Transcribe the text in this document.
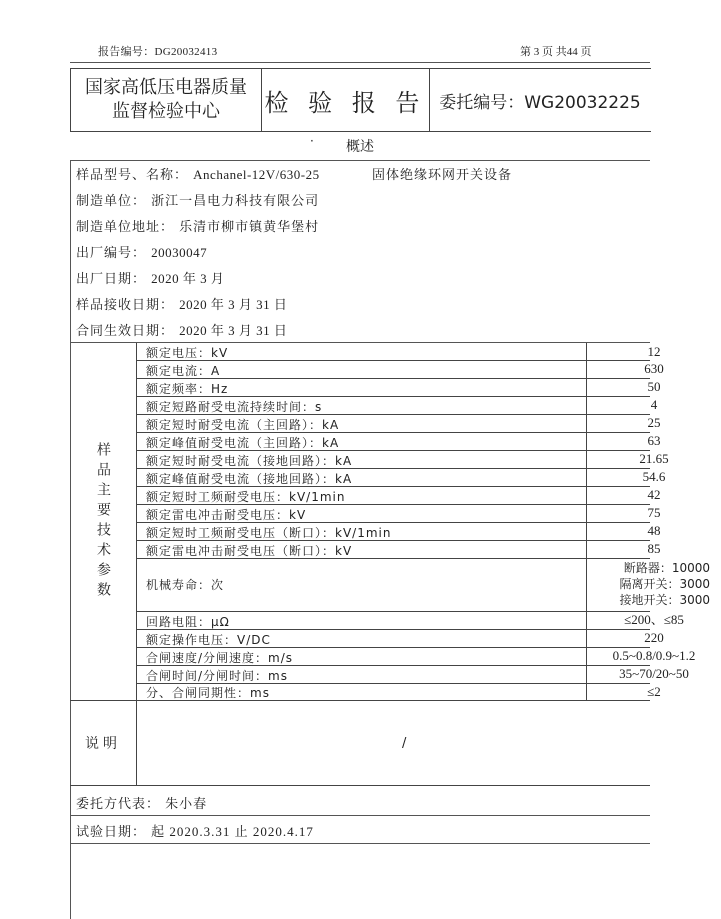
报告编号：DG20032413	第 3 页 共44 页
国家高低压电器质量
监督检验中心	检 验 报 告 委托编号：WG20032225
· 概述
样品型号、名称： Anchanel-12V/630-25	固体绝缘环网开关设备
制造单位： 浙江一昌电力科技有限公司
制造单位地址： 乐清市柳市镇黄华堡村
出厂编号： 20030047
出厂日期： 2020 年 3 月
样品接收日期： 2020 年 3 月 31 日
合同生效日期： 2020 年 3 月 31 日
样品主要技术参数
额定电压：kV	12
额定电流：A	630
额定频率：Hz	50
额定短路耐受电流持续时间：s	4
额定短时耐受电流（主回路）：kA	25
额定峰值耐受电流（主回路）：kA	63
额定短时耐受电流（接地回路）：kA	21.65
额定峰值耐受电流（接地回路）：kA	54.6
额定短时工频耐受电压：kV/1min	42
额定雷电冲击耐受电压：kV	75
额定短时工频耐受电压（断口）：kV/1min	48
额定雷电冲击耐受电压（断口）：kV	85
机械寿命：次
断路器：10000
隔离开关：3000
接地开关：3000
回路电阻：μΩ	≤200、≤85
额定操作电压：V/DC	220
合闸速度/分闸速度：m/s	0.5~0.8/0.9~1.2
合闸时间/分闸时间：ms	35~70/20~50
分、合闸同期性：ms	≤2
说明	/
委托方代表： 朱小春
试验日期： 起 2020.3.31 止 2020.4.17
